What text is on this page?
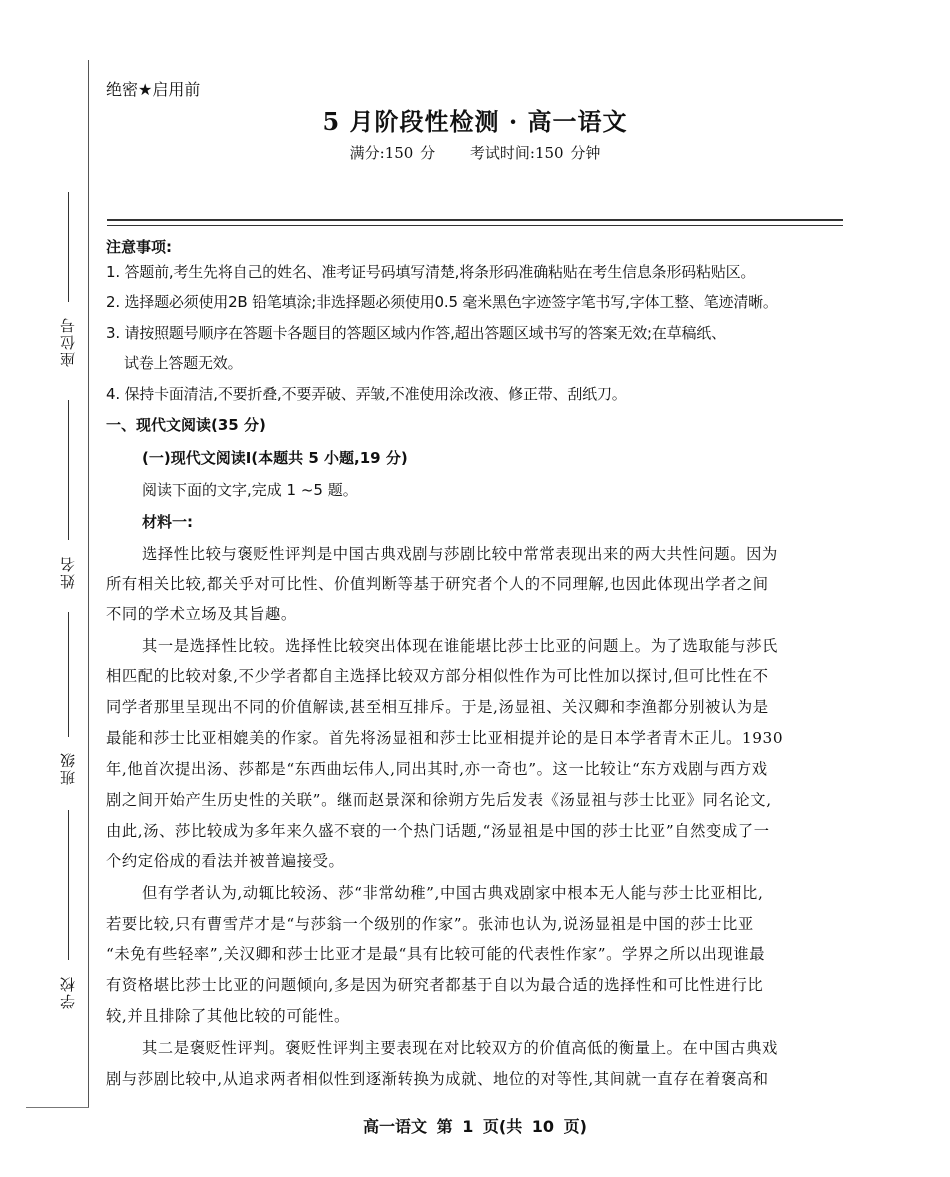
座位号
姓名
班级
学校
绝密★启用前
5 月阶段性检测 · 高一语文
满分:150 分 考试时间:150 分钟
注意事项:
1. 答题前,考生先将自己的姓名、准考证号码填写清楚,将条形码准确粘贴在考生信息条形码粘贴区。
2. 选择题必须使用2B 铅笔填涂;非选择题必须使用0.5 毫米黑色字迹签字笔书写,字体工整、笔迹清晰。
3. 请按照题号顺序在答题卡各题目的答题区域内作答,超出答题区域书写的答案无效;在草稿纸、
试卷上答题无效。
4. 保持卡面清洁,不要折叠,不要弄破、弄皱,不准使用涂改液、修正带、刮纸刀。
一、现代文阅读(35 分)
(一)现代文阅读Ⅰ(本题共 5 小题,19 分)
阅读下面的文字,完成 1 ~5 题。
材料一:
选择性比较与褒贬性评判是中国古典戏剧与莎剧比较中常常表现出来的两大共性问题。因为
所有相关比较,都关乎对可比性、价值判断等基于研究者个人的不同理解,也因此体现出学者之间
不同的学术立场及其旨趣。
其一是选择性比较。选择性比较突出体现在谁能堪比莎士比亚的问题上。为了选取能与莎氏
相匹配的比较对象,不少学者都自主选择比较双方部分相似性作为可比性加以探讨,但可比性在不
同学者那里呈现出不同的价值解读,甚至相互排斥。于是,汤显祖、关汉卿和李渔都分别被认为是
最能和莎士比亚相媲美的作家。首先将汤显祖和莎士比亚相提并论的是日本学者青木正儿。1930
年,他首次提出汤、莎都是“东西曲坛伟人,同出其时,亦一奇也”。这一比较让“东方戏剧与西方戏
剧之间开始产生历史性的关联”。继而赵景深和徐朔方先后发表《汤显祖与莎士比亚》同名论文,
由此,汤、莎比较成为多年来久盛不衰的一个热门话题,“汤显祖是中国的莎士比亚”自然变成了一
个约定俗成的看法并被普遍接受。
但有学者认为,动辄比较汤、莎“非常幼稚”,中国古典戏剧家中根本无人能与莎士比亚相比,
若要比较,只有曹雪芹才是“与莎翁一个级别的作家”。张沛也认为,说汤显祖是中国的莎士比亚
“未免有些轻率”,关汉卿和莎士比亚才是最“具有比较可能的代表性作家”。学界之所以出现谁最
有资格堪比莎士比亚的问题倾向,多是因为研究者都基于自以为最合适的选择性和可比性进行比
较,并且排除了其他比较的可能性。
其二是褒贬性评判。褒贬性评判主要表现在对比较双方的价值高低的衡量上。在中国古典戏
剧与莎剧比较中,从追求两者相似性到逐渐转换为成就、地位的对等性,其间就一直存在着褒高和
高一语文 第 1 页(共 10 页)
